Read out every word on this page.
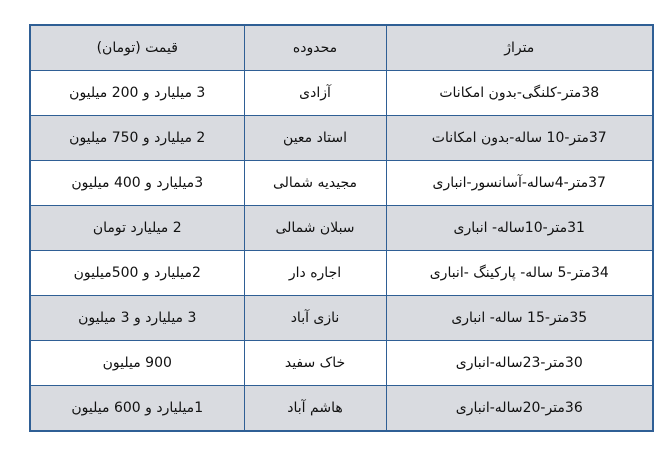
متراژ	محدوده	قیمت (تومان)
38متر-کلنگی-بدون امکانات	آزادی	3 میلیارد و 200 میلیون
37متر-10 ساله-بدون امکانات	استاد معین	2 میلیارد و 750 میلیون
37متر-4ساله-آسانسور-انباری	مجیدیه شمالی	3میلیارد و 400 میلیون
31متر-10ساله- انباری	سبلان شمالی	2 میلیارد تومان
34متر-5 ساله- پارکینگ -انباری	اجاره دار	2میلیارد و 500میلیون
35متر-15 ساله- انباری	نازی آباد	3 میلیارد و 3 میلیون
30متر-23ساله-انباری	خاک سفید	900 میلیون
36متر-20ساله-انباری	هاشم آباد	1میلیارد و 600 میلیون
